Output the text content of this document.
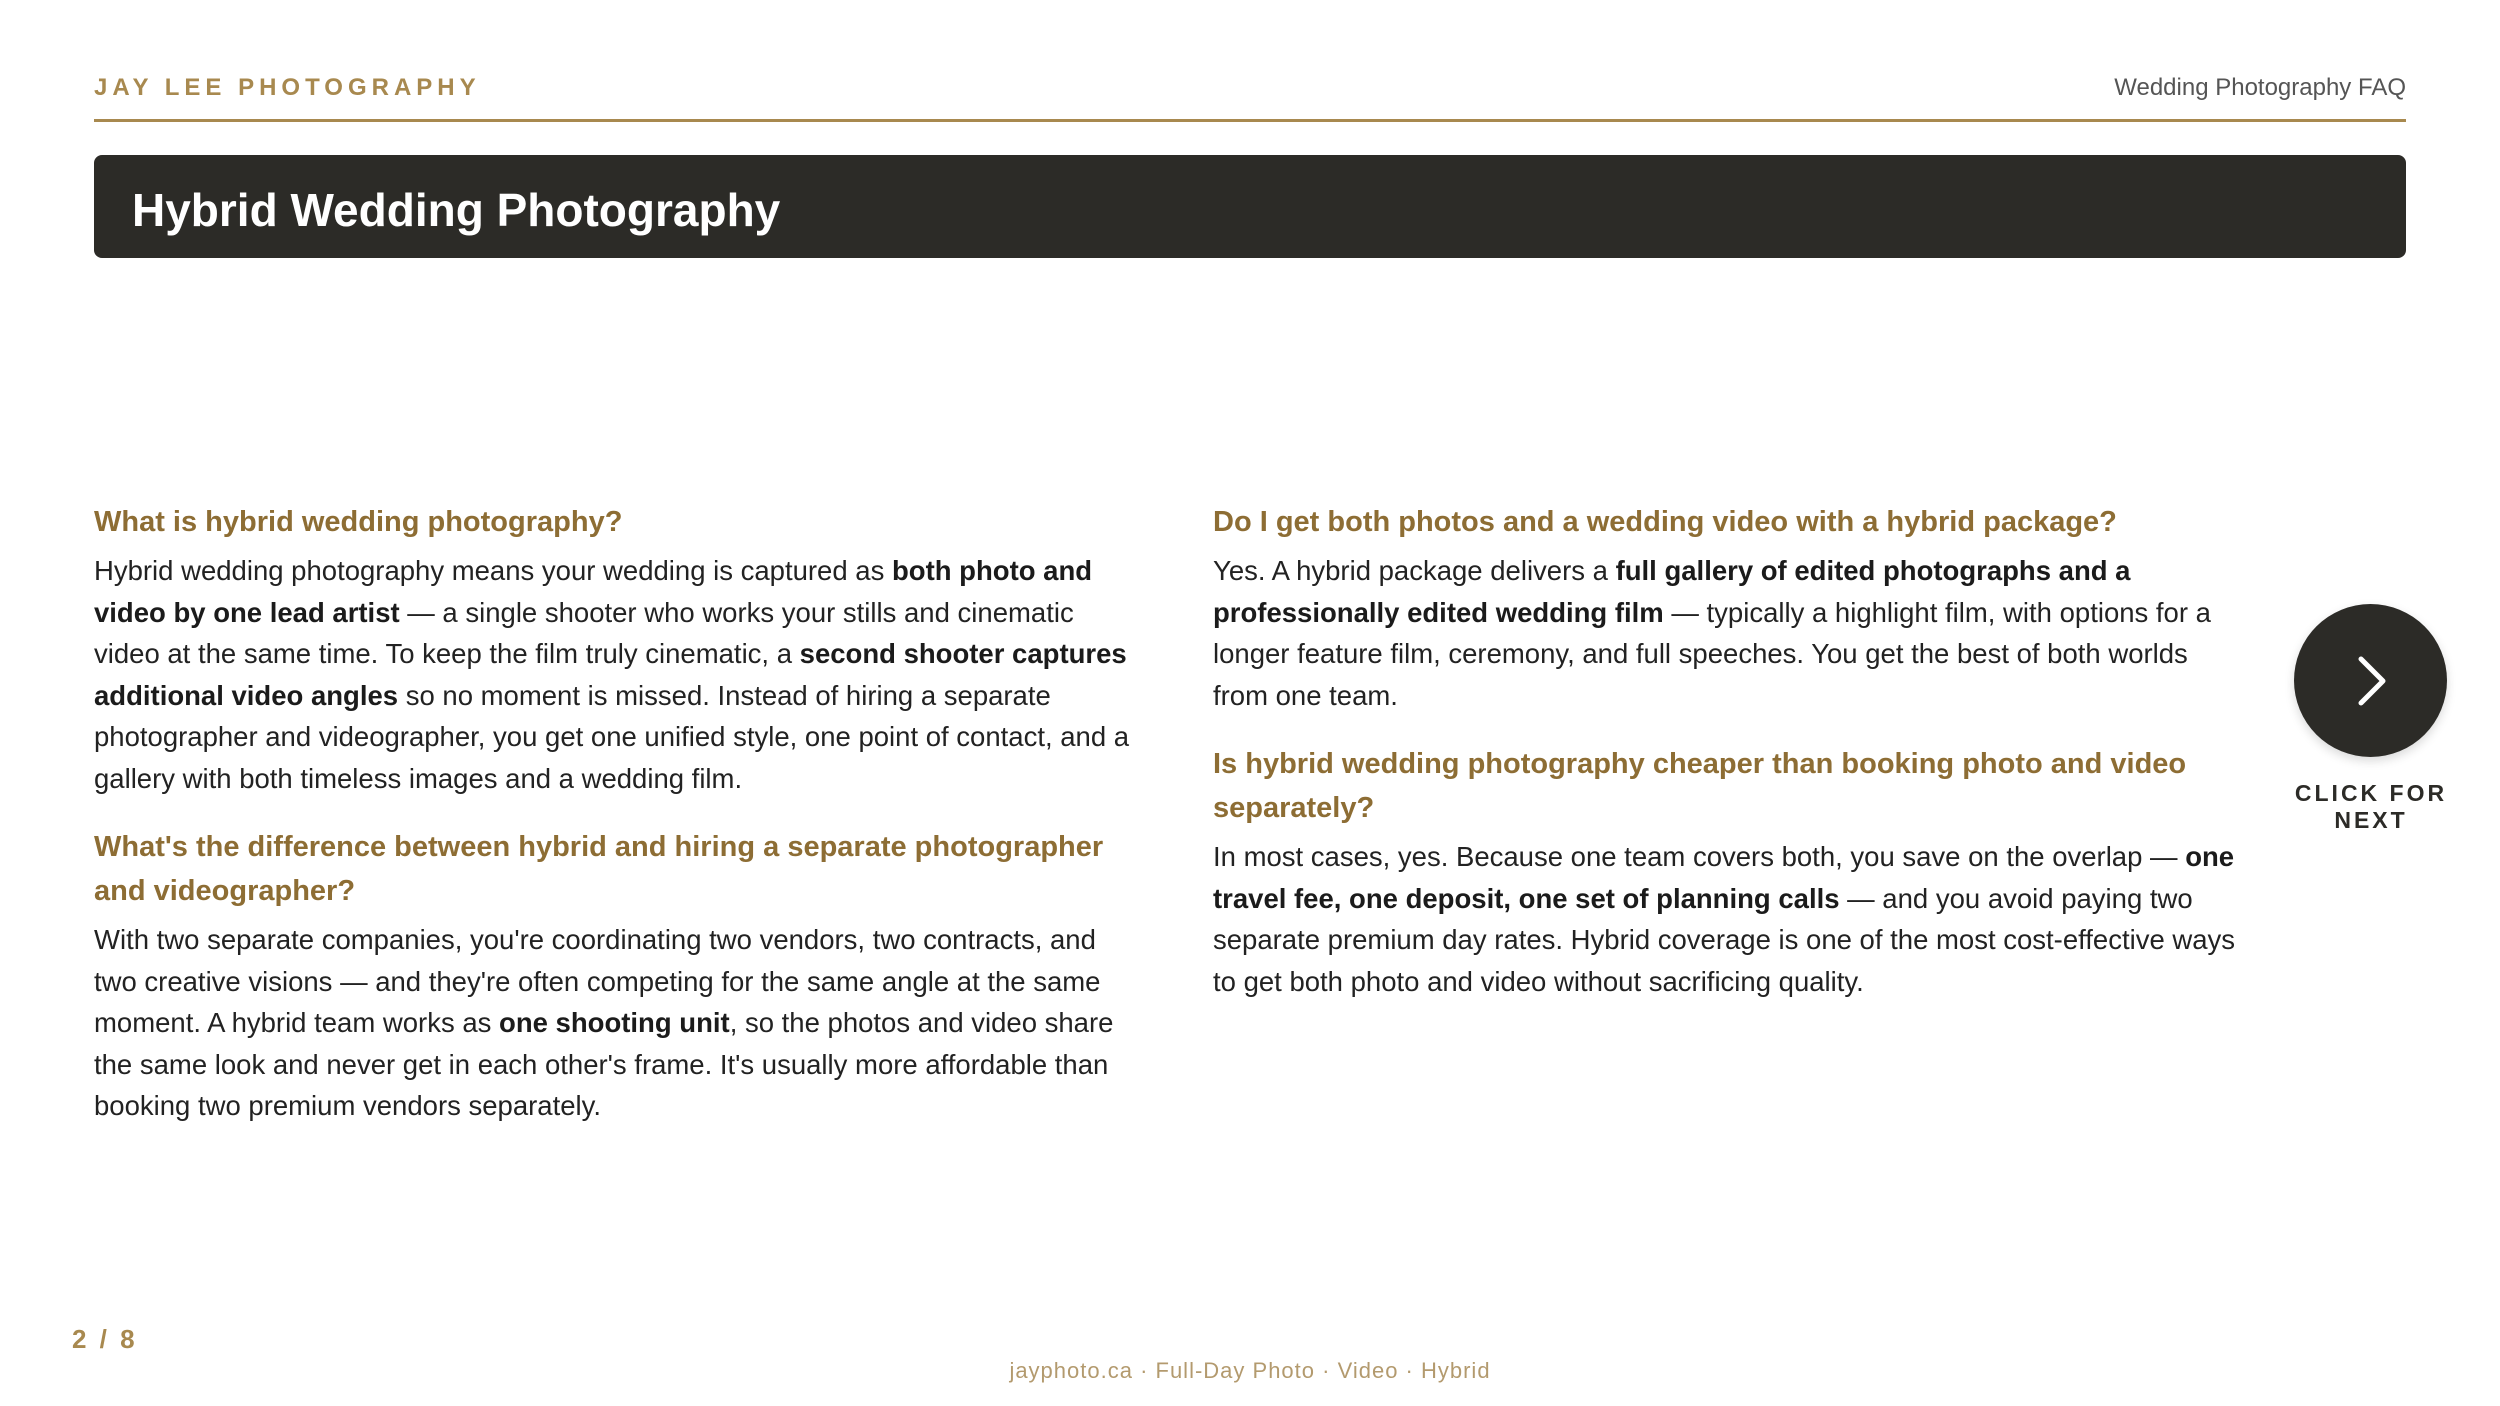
JAY LEE PHOTOGRAPHY	Wedding Photography FAQ
Hybrid Wedding Photography
What is hybrid wedding photography?

Hybrid wedding photography means your wedding is captured as both photo and video by one lead artist — a single shooter who works your stills and cinematic video at the same time. To keep the film truly cinematic, a second shooter captures additional video angles so no moment is missed. Instead of hiring a separate photographer and videographer, you get one unified style, one point of contact, and a gallery with both timeless images and a wedding film.

What's the difference between hybrid and hiring a separate photographer and videographer?

With two separate companies, you're coordinating two vendors, two contracts, and two creative visions — and they're often competing for the same angle at the same moment. A hybrid team works as one shooting unit, so the photos and video share the same look and never get in each other's frame. It's usually more affordable than booking two premium vendors separately.

Do I get both photos and a wedding video with a hybrid package?

Yes. A hybrid package delivers a full gallery of edited photographs and a professionally edited wedding film — typically a highlight film, with options for a longer feature film, ceremony, and full speeches. You get the best of both worlds from one team.

Is hybrid wedding photography cheaper than booking photo and video separately?

In most cases, yes. Because one team covers both, you save on the overlap — one travel fee, one deposit, one set of planning calls — and you avoid paying two separate premium day rates. Hybrid coverage is one of the most cost-effective ways to get both photo and video without sacrificing quality.

CLICK FOR NEXT
2 / 8
jayphoto.ca · Full-Day Photo · Video · Hybrid
